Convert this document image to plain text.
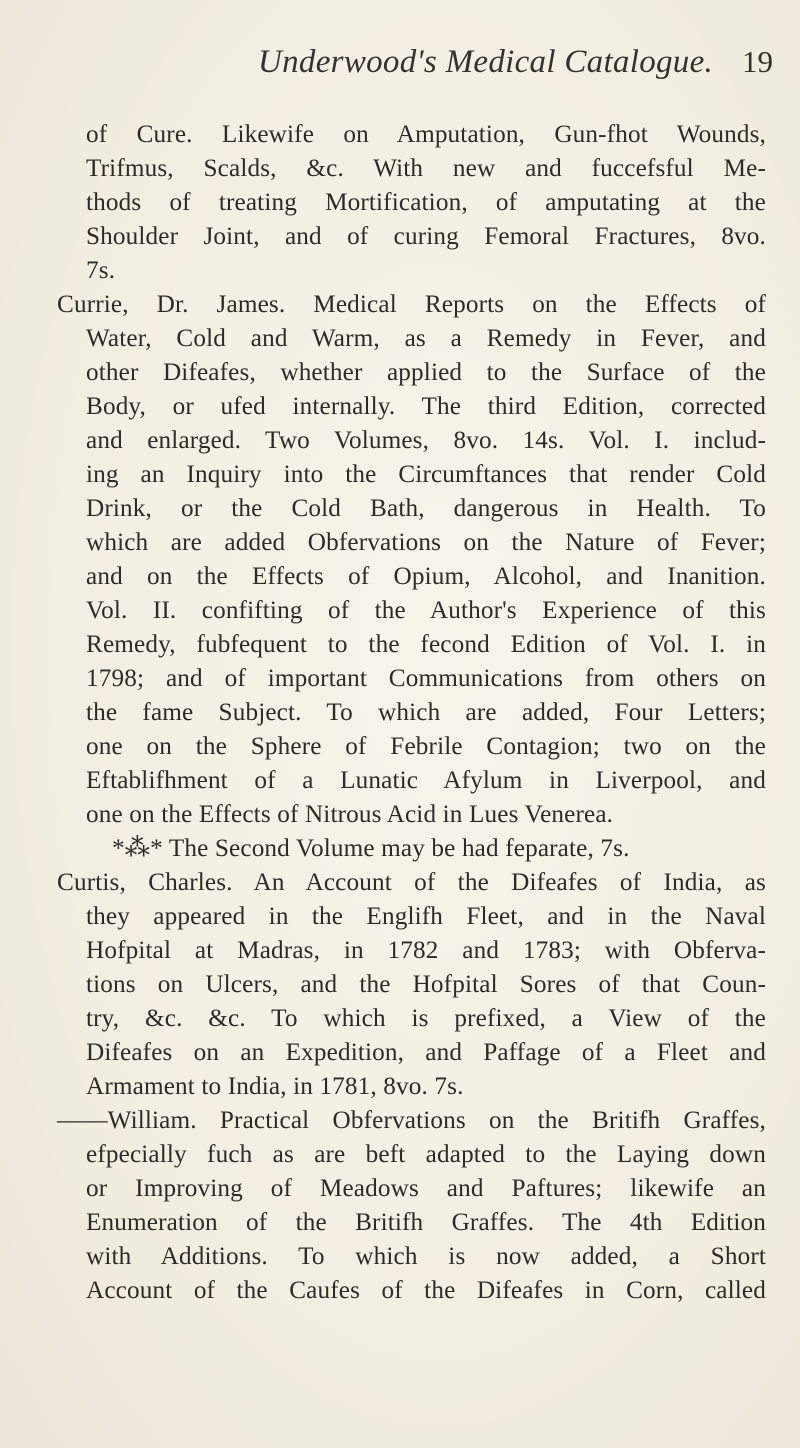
Underwood's Medical Catalogue. 19
of Cure. Likewife on Amputation, Gun-fhot Wounds,
Trifmus, Scalds, &c. With new and fuccefsful Me-
thods of treating Mortification, of amputating at the
Shoulder Joint, and of curing Femoral Fractures, 8vo.
7s.
Currie, Dr. James. Medical Reports on the Effects of
Water, Cold and Warm, as a Remedy in Fever, and
other Difeafes, whether applied to the Surface of the
Body, or ufed internally. The third Edition, corrected
and enlarged. Two Volumes, 8vo. 14s. Vol. I. includ-
ing an Inquiry into the Circumftances that render Cold
Drink, or the Cold Bath, dangerous in Health. To
which are added Obfervations on the Nature of Fever;
and on the Effects of Opium, Alcohol, and Inanition.
Vol. II. confifting of the Author's Experience of this
Remedy, fubfequent to the fecond Edition of Vol. I. in
1798; and of important Communications from others on
the fame Subject. To which are added, Four Letters;
one on the Sphere of Febrile Contagion; two on the
Eftablifhment of a Lunatic Afylum in Liverpool, and
one on the Effects of Nitrous Acid in Lues Venerea.
*⁂* The Second Volume may be had feparate, 7s.
Curtis, Charles. An Account of the Difeafes of India, as
they appeared in the Englifh Fleet, and in the Naval
Hofpital at Madras, in 1782 and 1783; with Obferva-
tions on Ulcers, and the Hofpital Sores of that Coun-
try, &c. &c. To which is prefixed, a View of the
Difeafes on an Expedition, and Paffage of a Fleet and
Armament to India, in 1781, 8vo. 7s.
——William. Practical Obfervations on the Britifh Graffes,
efpecially fuch as are beft adapted to the Laying down
or Improving of Meadows and Paftures; likewife an
Enumeration of the Britifh Graffes. The 4th Edition
with Additions. To which is now added, a Short
Account of the Caufes of the Difeafes in Corn, called
